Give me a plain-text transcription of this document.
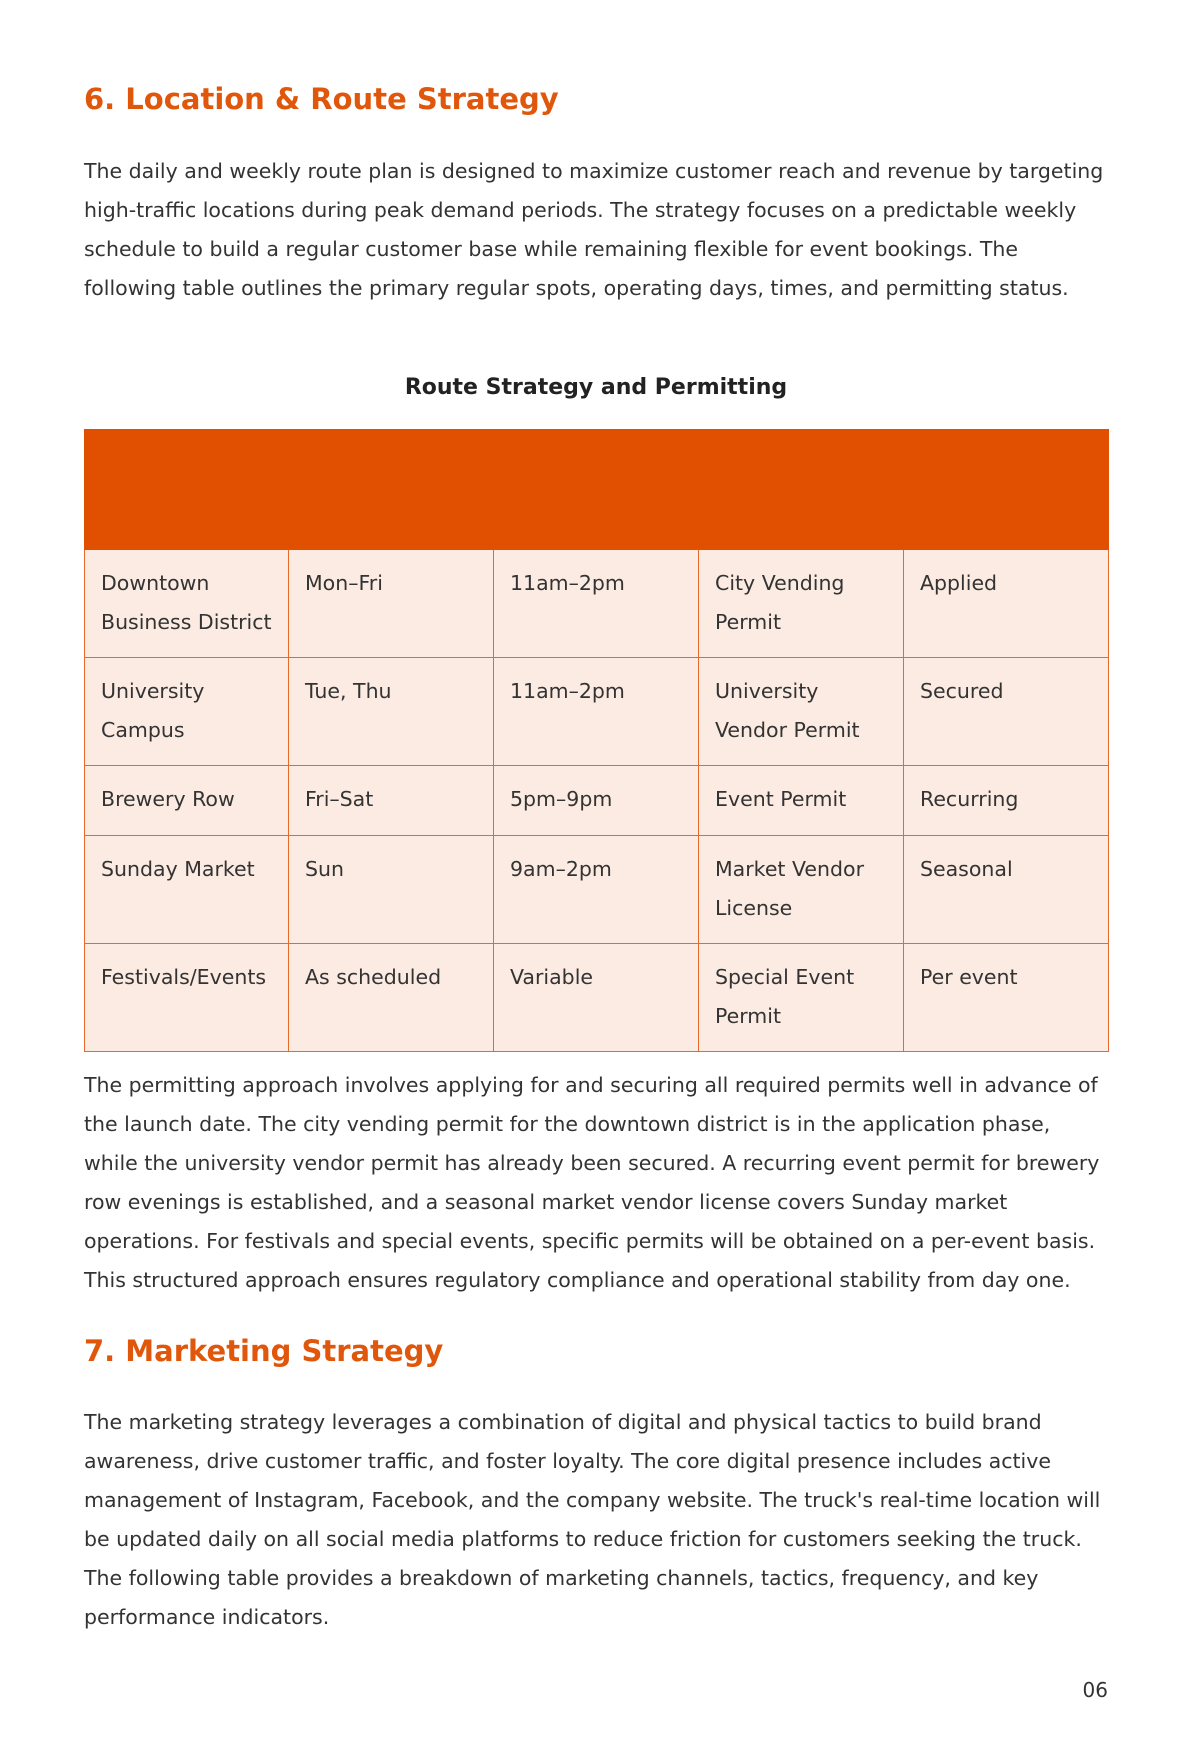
6. Location & Route Strategy

The daily and weekly route plan is designed to maximize customer reach and revenue by targeting high-traffic locations during peak demand periods. The strategy focuses on a predictable weekly schedule to build a regular customer base while remaining flexible for event bookings. The following table outlines the primary regular spots, operating days, times, and permitting status.

Route Strategy and Permitting

Downtown Business District	Mon–Fri	11am–2pm	City Vending Permit	Applied
University Campus	Tue, Thu	11am–2pm	University Vendor Permit	Secured
Brewery Row	Fri–Sat	5pm–9pm	Event Permit	Recurring
Sunday Market	Sun	9am–2pm	Market Vendor License	Seasonal
Festivals/Events	As scheduled	Variable	Special Event Permit	Per event

The permitting approach involves applying for and securing all required permits well in advance of the launch date. The city vending permit for the downtown district is in the application phase, while the university vendor permit has already been secured. A recurring event permit for brewery row evenings is established, and a seasonal market vendor license covers Sunday market operations. For festivals and special events, specific permits will be obtained on a per-event basis. This structured approach ensures regulatory compliance and operational stability from day one.

7. Marketing Strategy

The marketing strategy leverages a combination of digital and physical tactics to build brand awareness, drive customer traffic, and foster loyalty. The core digital presence includes active management of Instagram, Facebook, and the company website. The truck's real-time location will be updated daily on all social media platforms to reduce friction for customers seeking the truck. The following table provides a breakdown of marketing channels, tactics, frequency, and key performance indicators.

06
